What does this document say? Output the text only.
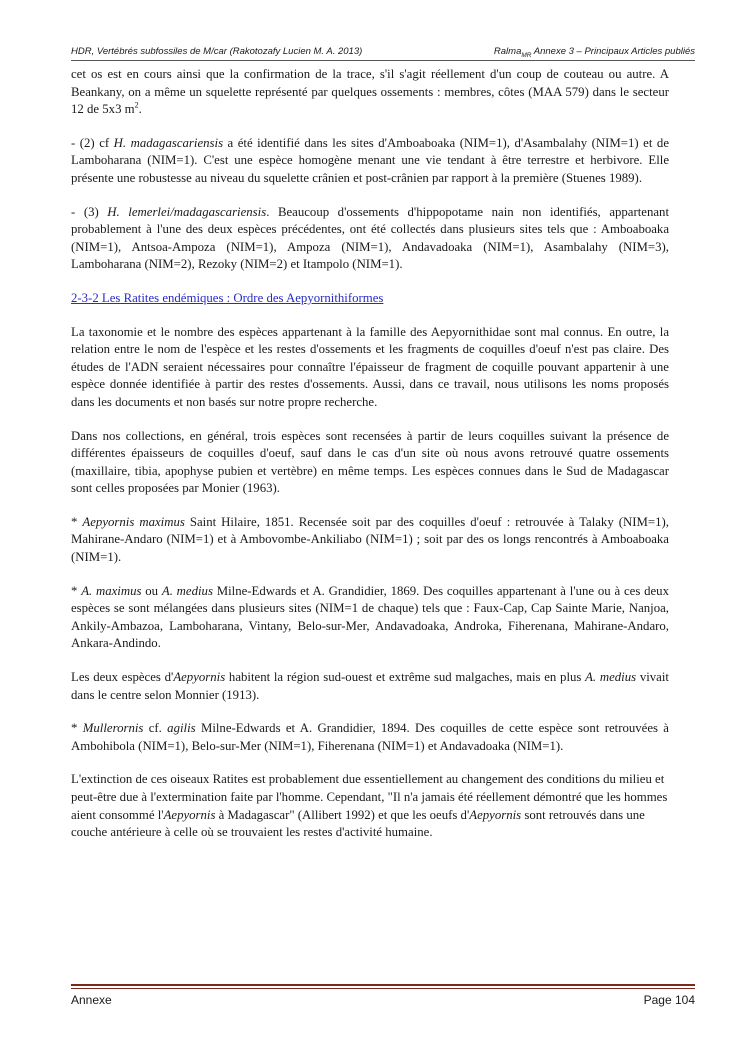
HDR, Vertébrés subfossiles de M/car (Rakotozafy Lucien M. A. 2013)	Ralma$_{MR}$ Annexe 3 – Principaux Articles publiés

cet os est en cours ainsi que la confirmation de la trace, s'il s'agit réellement d'un coup de couteau ou autre. A Beankany, on a même un squelette représenté par quelques ossements : membres, côtes (MAA 579) dans le secteur 12 de 5x3 $m^2$.

- (2) cf H. madagascariensis a été identifié dans les sites d'Amboaboaka (NIM=1), d'Asambalahy (NIM=1) et de Lamboharana (NIM=1). C'est une espèce homogène menant une vie tendant à être terrestre et herbivore. Elle présente une robustesse au niveau du squelette crânien et post-crânien par rapport à la première (Stuenes 1989).

- (3) H. lemerlei/madagascariensis. Beaucoup d'ossements d'hippopotame nain non identifiés, appartenant probablement à l'une des deux espèces précédentes, ont été collectés dans plusieurs sites tels que : Amboaboaka (NIM=1), Antsoa-Ampoza (NIM=1), Ampoza (NIM=1), Andavadoaka (NIM=1), Asambalahy (NIM=3), Lamboharana (NIM=2), Rezoky (NIM=2) et Itampolo (NIM=1).

2-3-2 Les Ratites endémiques : Ordre des Aepyornithiformes

La taxonomie et le nombre des espèces appartenant à la famille des Aepyornithidae sont mal connus. En outre, la relation entre le nom de l'espèce et les restes d'ossements et les fragments de coquilles d'oeuf n'est pas claire. Des études de l'ADN seraient nécessaires pour connaître l'épaisseur de fragment de coquille pouvant appartenir à une espèce donnée identifiée à partir des restes d'ossements. Aussi, dans ce travail, nous utilisons les noms proposés dans les documents et non basés sur notre propre recherche.

Dans nos collections, en général, trois espèces sont recensées à partir de leurs coquilles suivant la présence de différentes épaisseurs de coquilles d'oeuf, sauf dans le cas d'un site où nous avons retrouvé quatre ossements (maxillaire, tibia, apophyse pubien et vertèbre) en même temps. Les espèces connues dans le Sud de Madagascar sont celles proposées par Monier (1963).

* Aepyornis maximus Saint Hilaire, 1851. Recensée soit par des coquilles d'oeuf : retrouvée à Talaky (NIM=1), Mahirane-Andaro (NIM=1) et à Ambovombe-Ankiliabo (NIM=1) ; soit par des os longs rencontrés à Amboaboaka (NIM=1).

* A. maximus ou A. medius Milne-Edwards et A. Grandidier, 1869. Des coquilles appartenant à l'une ou à ces deux espèces se sont mélangées dans plusieurs sites (NIM=1 de chaque) tels que : Faux-Cap, Cap Sainte Marie, Nanjoa, Ankily-Ambazoa, Lamboharana, Vintany, Belo-sur-Mer, Andavadoaka, Androka, Fiherenana, Mahirane-Andaro, Ankara-Andindo.

Les deux espèces d'Aepyornis habitent la région sud-ouest et extrême sud malgaches, mais en plus A. medius vivait dans le centre selon Monnier (1913).

* Mullerornis cf. agilis Milne-Edwards et A. Grandidier, 1894. Des coquilles de cette espèce sont retrouvées à Ambohibola (NIM=1), Belo-sur-Mer (NIM=1), Fiherenana (NIM=1) et Andavadoaka (NIM=1).

L'extinction de ces oiseaux Ratites est probablement due essentiellement au changement des conditions du milieu et peut-être due à l'extermination faite par l'homme. Cependant, "Il n'a jamais été réellement démontré que les hommes aient consommé l'Aepyornis à Madagascar" (Allibert 1992) et que les oeufs d'Aepyornis sont retrouvés dans une couche antérieure à celle où se trouvaient les restes d'activité humaine.

Annexe	Page 104
